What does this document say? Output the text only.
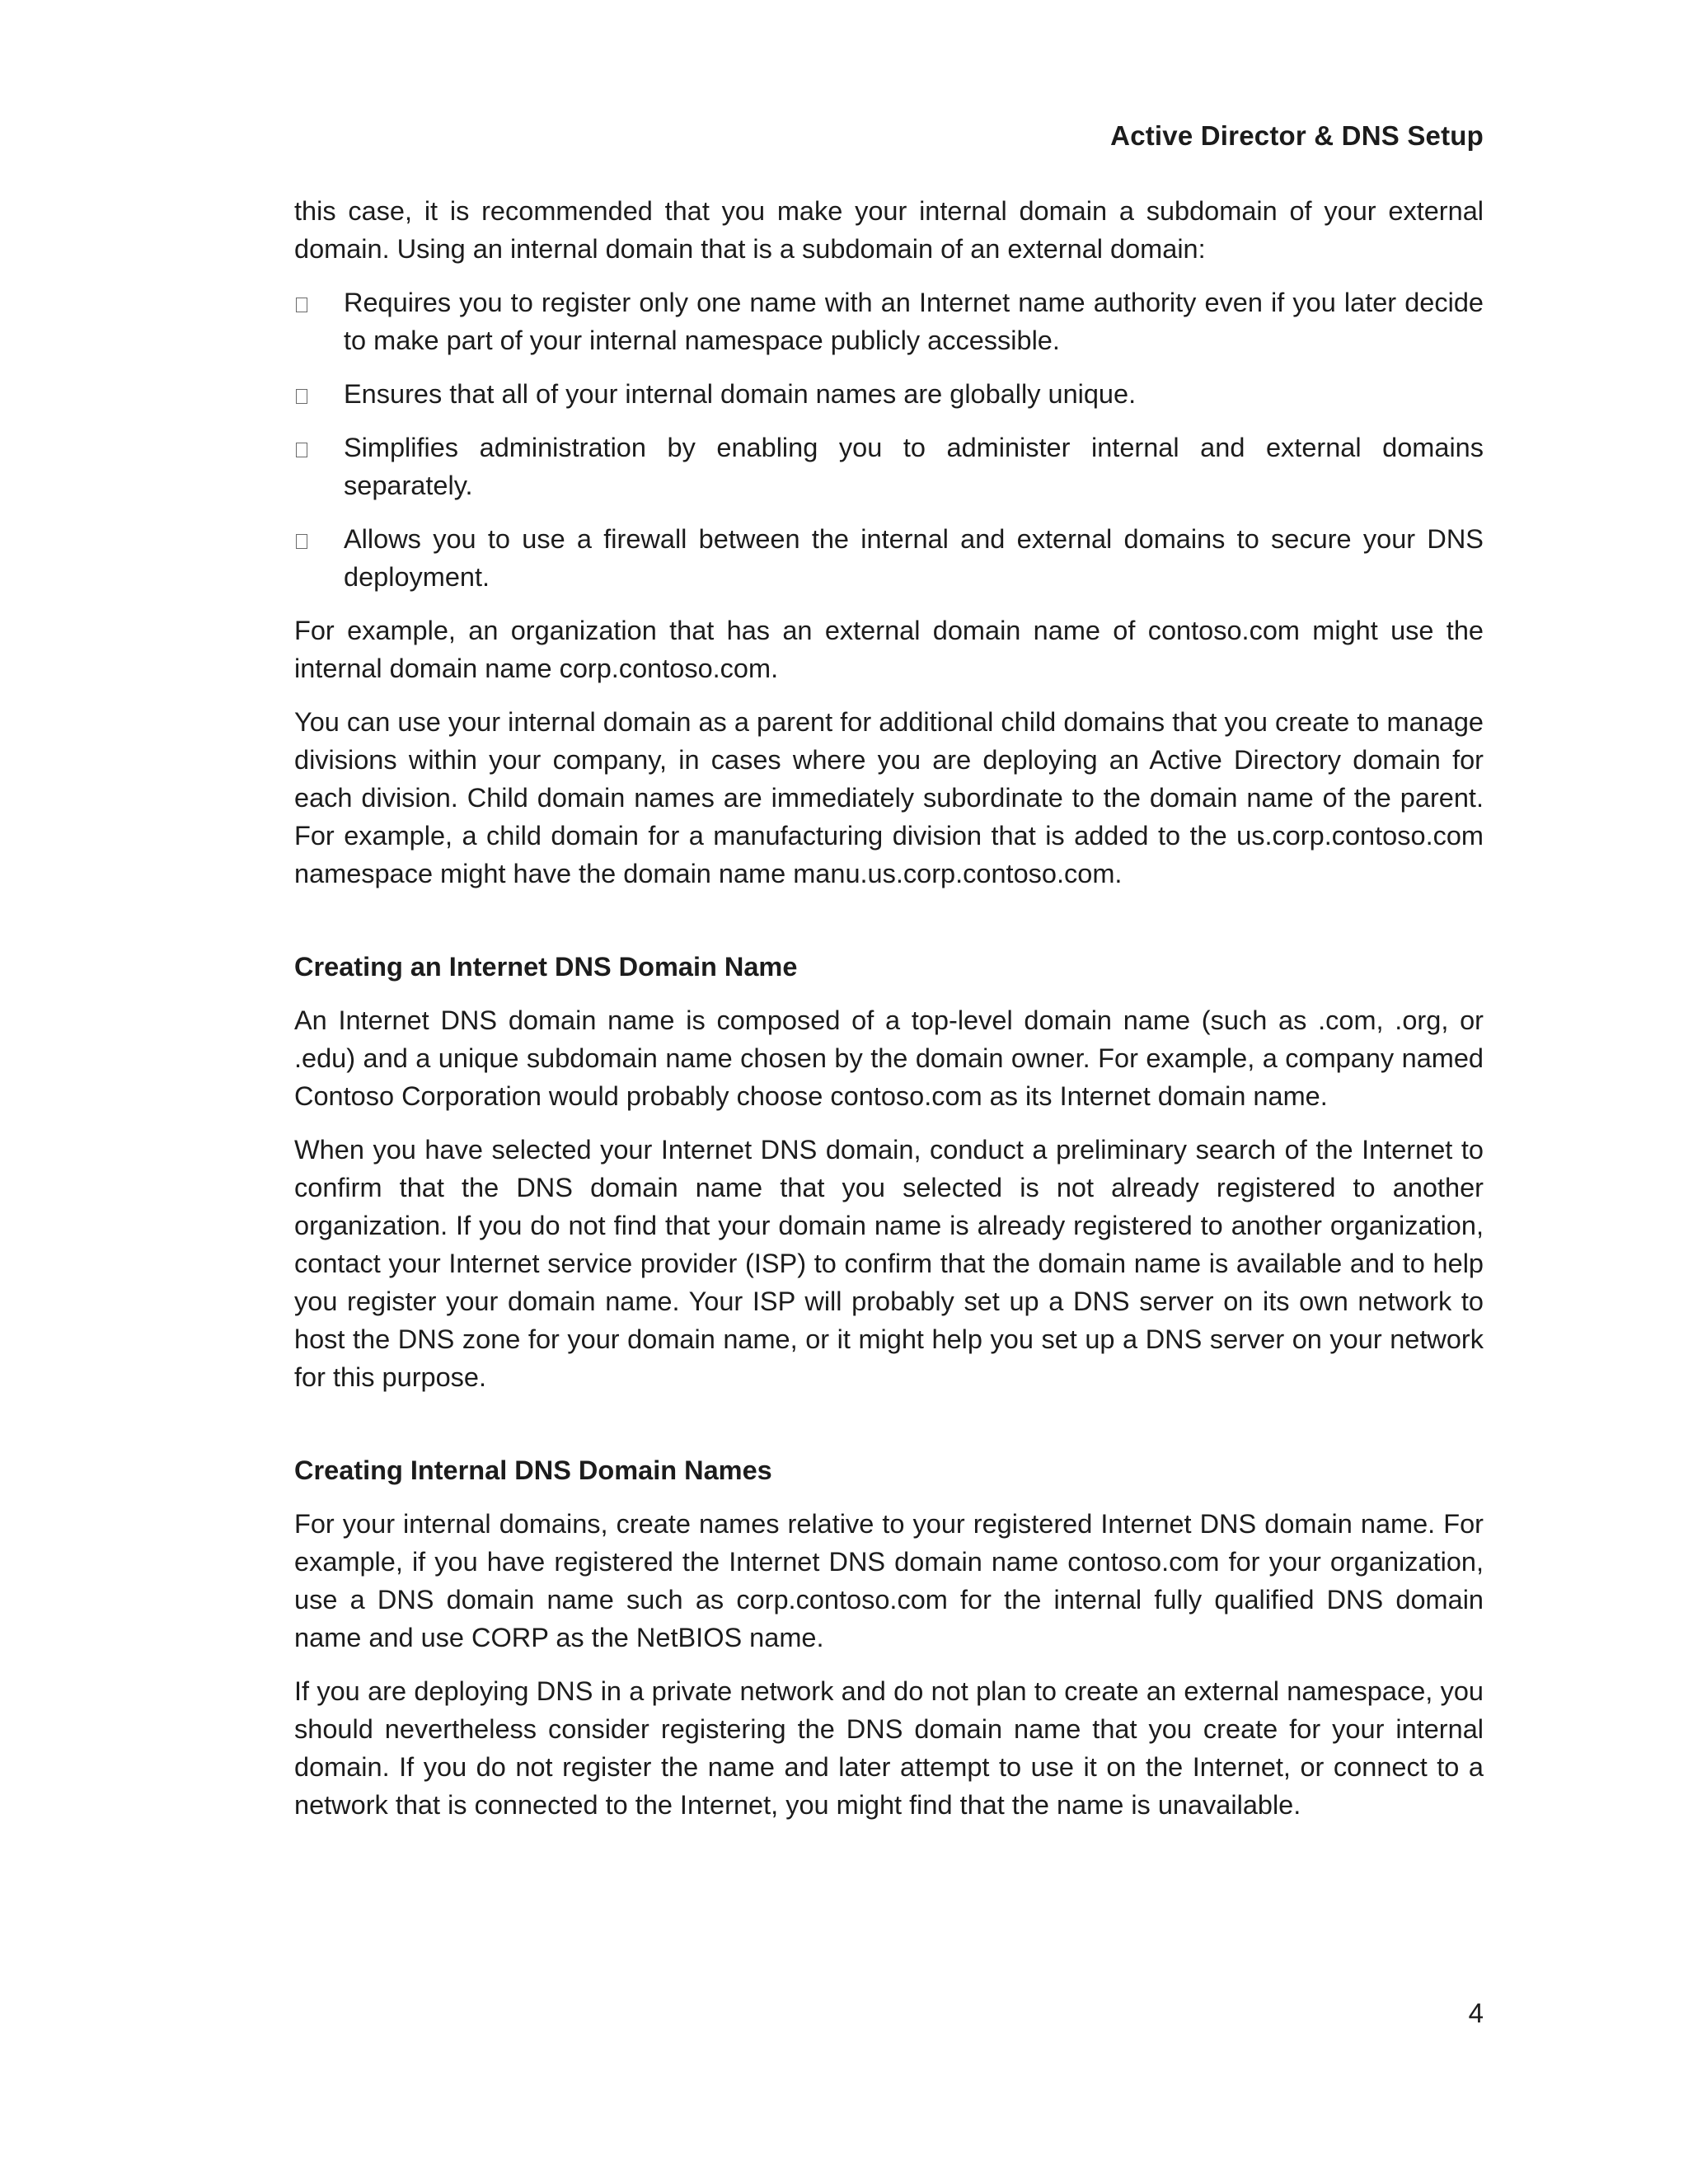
Active Director & DNS Setup

this case, it is recommended that you make your internal domain a subdomain of your external domain. Using an internal domain that is a subdomain of an external domain:

Requires you to register only one name with an Internet name authority even if you later decide to make part of your internal namespace publicly accessible.
Ensures that all of your internal domain names are globally unique.
Simplifies administration by enabling you to administer internal and external domains separately.
Allows you to use a firewall between the internal and external domains to secure your DNS deployment.

For example, an organization that has an external domain name of contoso.com might use the internal domain name corp.contoso.com.

You can use your internal domain as a parent for additional child domains that you create to manage divisions within your company, in cases where you are deploying an Active Directory domain for each division. Child domain names are immediately subordinate to the domain name of the parent. For example, a child domain for a manufacturing division that is added to the us.corp.contoso.com namespace might have the domain name manu.us.corp.contoso.com.

Creating an Internet DNS Domain Name

An Internet DNS domain name is composed of a top-level domain name (such as .com, .org, or .edu) and a unique subdomain name chosen by the domain owner. For example, a company named Contoso Corporation would probably choose contoso.com as its Internet domain name.

When you have selected your Internet DNS domain, conduct a preliminary search of the Internet to confirm that the DNS domain name that you selected is not already registered to another organization. If you do not find that your domain name is already registered to another organization, contact your Internet service provider (ISP) to confirm that the domain name is available and to help you register your domain name. Your ISP will probably set up a DNS server on its own network to host the DNS zone for your domain name, or it might help you set up a DNS server on your network for this purpose.

Creating Internal DNS Domain Names

For your internal domains, create names relative to your registered Internet DNS domain name. For example, if you have registered the Internet DNS domain name contoso.com for your organization, use a DNS domain name such as corp.contoso.com for the internal fully qualified DNS domain name and use CORP as the NetBIOS name.

If you are deploying DNS in a private network and do not plan to create an external namespace, you should nevertheless consider registering the DNS domain name that you create for your internal domain. If you do not register the name and later attempt to use it on the Internet, or connect to a network that is connected to the Internet, you might find that the name is unavailable.

4
